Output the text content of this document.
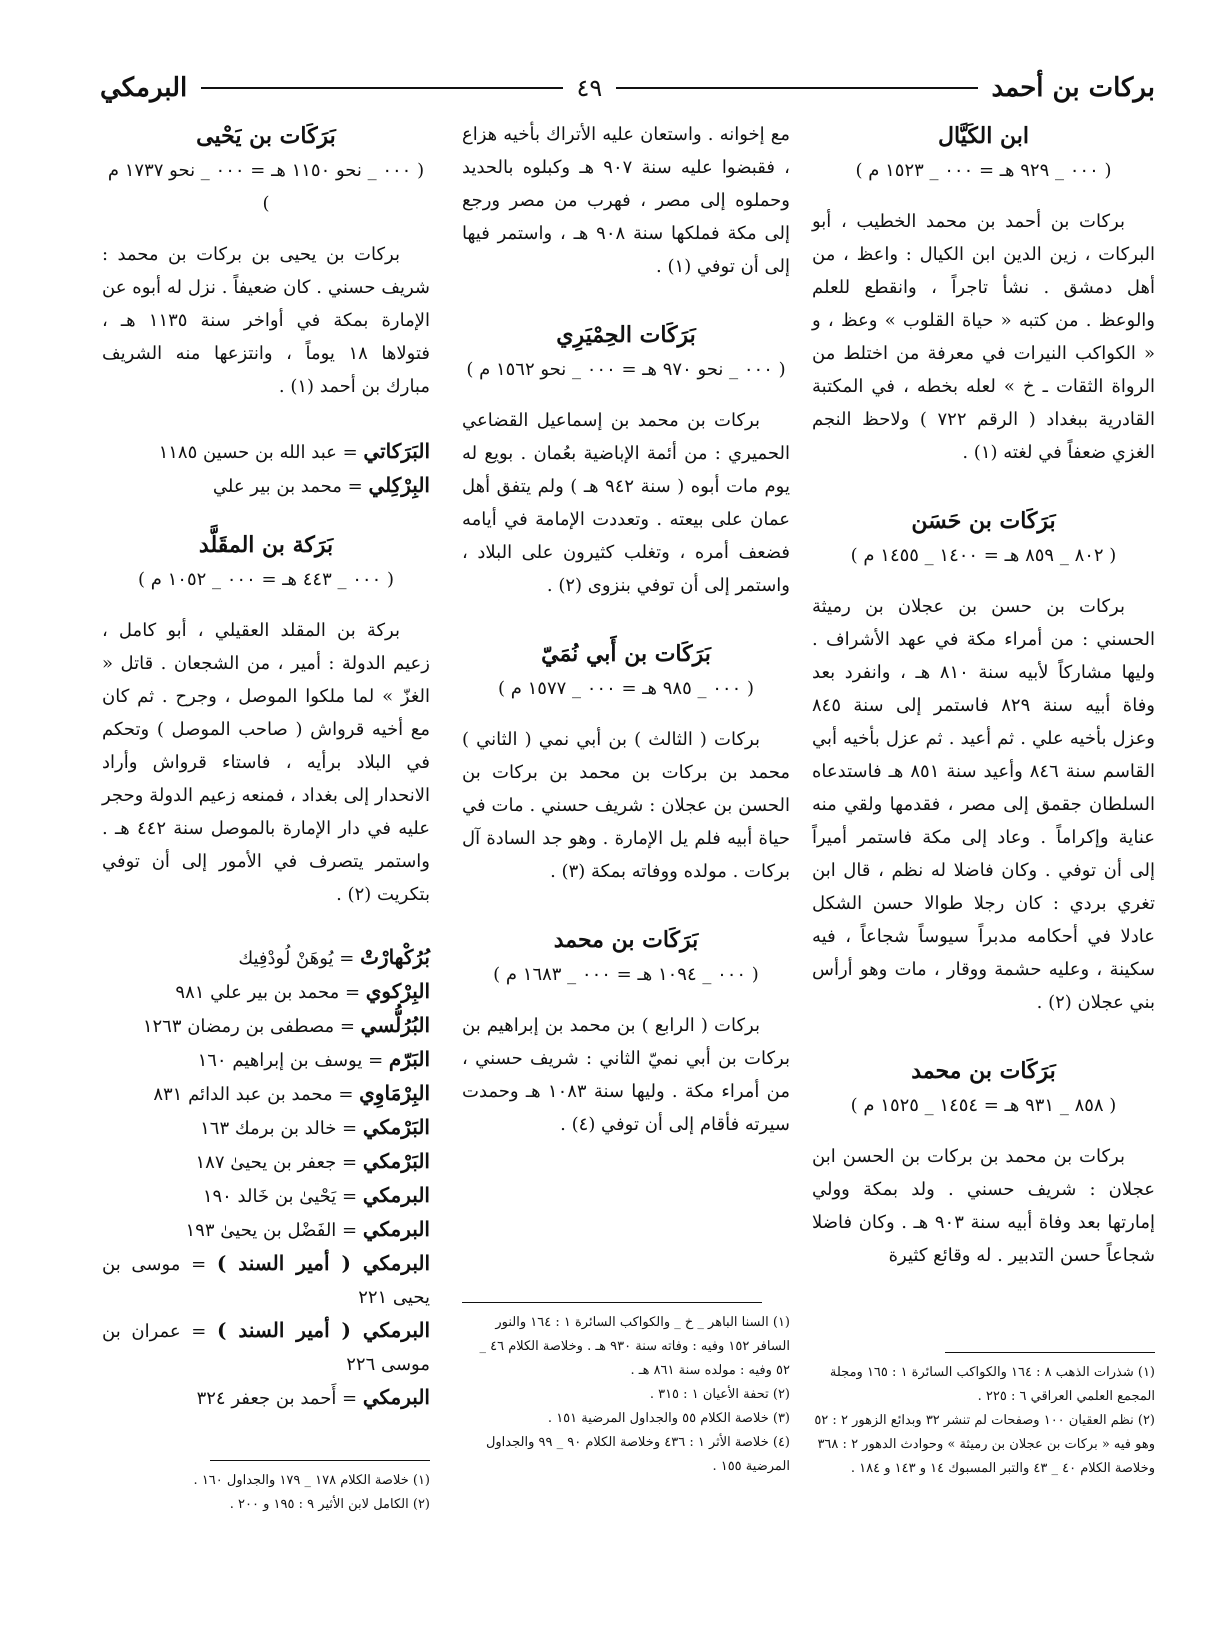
بركات بن أحمد
٤٩
البرمكي
ابن الكَيَّال
( ٠٠٠ _ ٩٢٩ هـ = ٠٠٠ _ ١٥٢٣ م )
بركات بن أحمد بن محمد الخطيب ، أبو البركات ، زين الدين ابن الكيال : واعظ ، من أهل دمشق . نشأ تاجراً ، وانقطع للعلم والوعظ . من كتبه « حياة القلوب » وعظ ، و « الكواكب النيرات في معرفة من اختلط من الرواة الثقات ـ خ » لعله بخطه ، في المكتبة القادرية ببغداد ( الرقم ٧٢٢ ) ولاحظ النجم الغزي ضعفاً في لغته (١) .
بَرَكَات بن حَسَن
( ٨٠٢ _ ٨٥٩ هـ = ١٤٠٠ _ ١٤٥٥ م )
بركات بن حسن بن عجلان بن رميثة الحسني : من أمراء مكة في عهد الأشراف . وليها مشاركاً لأبيه سنة ٨١٠ هـ ، وانفرد بعد وفاة أبيه سنة ٨٢٩ فاستمر إلى سنة ٨٤٥ وعزل بأخيه علي . ثم أعيد . ثم عزل بأخيه أبي القاسم سنة ٨٤٦ وأعيد سنة ٨٥١ هـ فاستدعاه السلطان جقمق إلى مصر ، فقدمها ولقي منه عناية وإكراماً . وعاد إلى مكة فاستمر أميراً إلى أن توفي . وكان فاضلا له نظم ، قال ابن تغري بردي : كان رجلا طوالا حسن الشكل عادلا في أحكامه مدبراً سيوساً شجاعاً ، فيه سكينة ، وعليه حشمة ووقار ، مات وهو أرأس بني عجلان (٢) .
بَرَكَات بن محمد
( ٨٥٨ _ ٩٣١ هـ = ١٤٥٤ _ ١٥٢٥ م )
بركات بن محمد بن بركات بن الحسن ابن عجلان : شريف حسني . ولد بمكة وولي إمارتها بعد وفاة أبيه سنة ٩٠٣ هـ . وكان فاضلا شجاعاً حسن التدبير . له وقائع كثيرة
مع إخوانه . واستعان عليه الأتراك بأخيه هزاع ، فقبضوا عليه سنة ٩٠٧ هـ وكبلوه بالحديد وحملوه إلى مصر ، فهرب من مصر ورجع إلى مكة فملكها سنة ٩٠٨ هـ ، واستمر فيها إلى أن توفي (١) .
بَرَكَات الحِمْيَرِي
( ٠٠٠ _ نحو ٩٧٠ هـ = ٠٠٠ _ نحو ١٥٦٢ م )
بركات بن محمد بن إسماعيل القضاعي الحميري : من أئمة الإباضية بعُمان . بويع له يوم مات أبوه ( سنة ٩٤٢ هـ ) ولم يتفق أهل عمان على بيعته . وتعددت الإمامة في أيامه فضعف أمره ، وتغلب كثيرون على البلاد ، واستمر إلى أن توفي بنزوى (٢) .
بَرَكَات بن أَبي نُمَيّ
( ٠٠٠ _ ٩٨٥ هـ = ٠٠٠ _ ١٥٧٧ م )
بركات ( الثالث ) بن أبي نمي ( الثاني ) محمد بن بركات بن محمد بن بركات بن الحسن بن عجلان : شريف حسني . مات في حياة أبيه فلم يل الإمارة . وهو جد السادة آل بركات . مولده ووفاته بمكة (٣) .
بَرَكَات بن محمد
( ٠٠٠ _ ١٠٩٤ هـ = ٠٠٠ _ ١٦٨٣ م )
بركات ( الرابع ) بن محمد بن إبراهيم بن بركات بن أبي نميّ الثاني : شريف حسني ، من أمراء مكة . وليها سنة ١٠٨٣ هـ وحمدت سيرته فأقام إلى أن توفي (٤) .
بَرَكَات بن يَحْيى
( ٠٠٠ _ نحو ١١٥٠ هـ = ٠٠٠ _ نحو ١٧٣٧ م )
بركات بن يحيى بن بركات بن محمد : شريف حسني . كان ضعيفاً . نزل له أبوه عن الإمارة بمكة في أواخر سنة ١١٣٥ هـ ، فتولاها ١٨ يوماً ، وانتزعها منه الشريف مبارك بن أحمد (١) .
البَرَكاتي = عبد الله بن حسين ١١٨٥
البِرْكِلي = محمد بن بير علي
بَرَكة بن المقَلَّد
( ٠٠٠ _ ٤٤٣ هـ = ٠٠٠ _ ١٠٥٢ م )
بركة بن المقلد العقيلي ، أبو كامل ، زعيم الدولة : أمير ، من الشجعان . قاتل « الغزّ » لما ملكوا الموصل ، وجرح . ثم كان مع أخيه قرواش ( صاحب الموصل ) وتحكم في البلاد برأيه ، فاستاء قرواش وأراد الانحدار إلى بغداد ، فمنعه زعيم الدولة وحجر عليه في دار الإمارة بالموصل سنة ٤٤٢ هـ . واستمر يتصرف في الأمور إلى أن توفي بتكريت (٢) .
بُرُكْهارْتْ = يُوهَنْ لُودْفِيك
البِرْكوي = محمد بن بير علي ٩٨١
البُرُلُّسي = مصطفى بن رمضان ١٢٦٣
البَرّم = يوسف بن إبراهيم ١٦٠
البِرْمَاوِي = محمد بن عبد الدائم ٨٣١
البَرْمكي = خالد بن برمك ١٦٣
البَرْمكي = جعفر بن يحيىٰ ١٨٧
البرمكي = يَحْيىٰ بن خَالد ١٩٠
البرمكي = الفَضْل بن يحيىٰ ١٩٣
البرمكي ( أمير السند ) = موسى بن يحيى ٢٢١
البرمكي ( أمير السند ) = عمران بن موسى ٢٢٦
البرمكي = أَحمد بن جعفر ٣٢٤
(١) شذرات الذهب ٨ : ١٦٤ والكواكب السائرة ١ : ١٦٥ ومجلة المجمع العلمي العراقي ٦ : ٢٢٥ .
(٢) نظم العقيان ١٠٠ وصفحات لم تنشر ٣٢ وبدائع الزهور ٢ : ٥٢ وهو فيه « بركات بن عجلان بن رميثة » وحوادث الدهور ٢ : ٣٦٨ وخلاصة الكلام ٤٠ _ ٤٣ والتبر المسبوك ١٤ و ١٤٣ و ١٨٤ .
(١) السنا الباهر _ خ _ والكواكب السائرة ١ : ١٦٤ والنور السافر ١٥٢ وفيه : وفاته سنة ٩٣٠ هـ . وخلاصة الكلام ٤٦ _ ٥٢ وفيه : مولده سنة ٨٦١ هـ .
(٢) تحفة الأعيان ١ : ٣١٥ .
(٣) خلاصة الكلام ٥٥ والجداول المرضية ١٥١ .
(٤) خلاصة الأثر ١ : ٤٣٦ وخلاصة الكلام ٩٠ _ ٩٩ والجداول المرضية ١٥٥ .
(١) خلاصة الكلام ١٧٨ _ ١٧٩ والجداول ١٦٠ .
(٢) الكامل لابن الأثير ٩ : ١٩٥ و ٢٠٠ .
